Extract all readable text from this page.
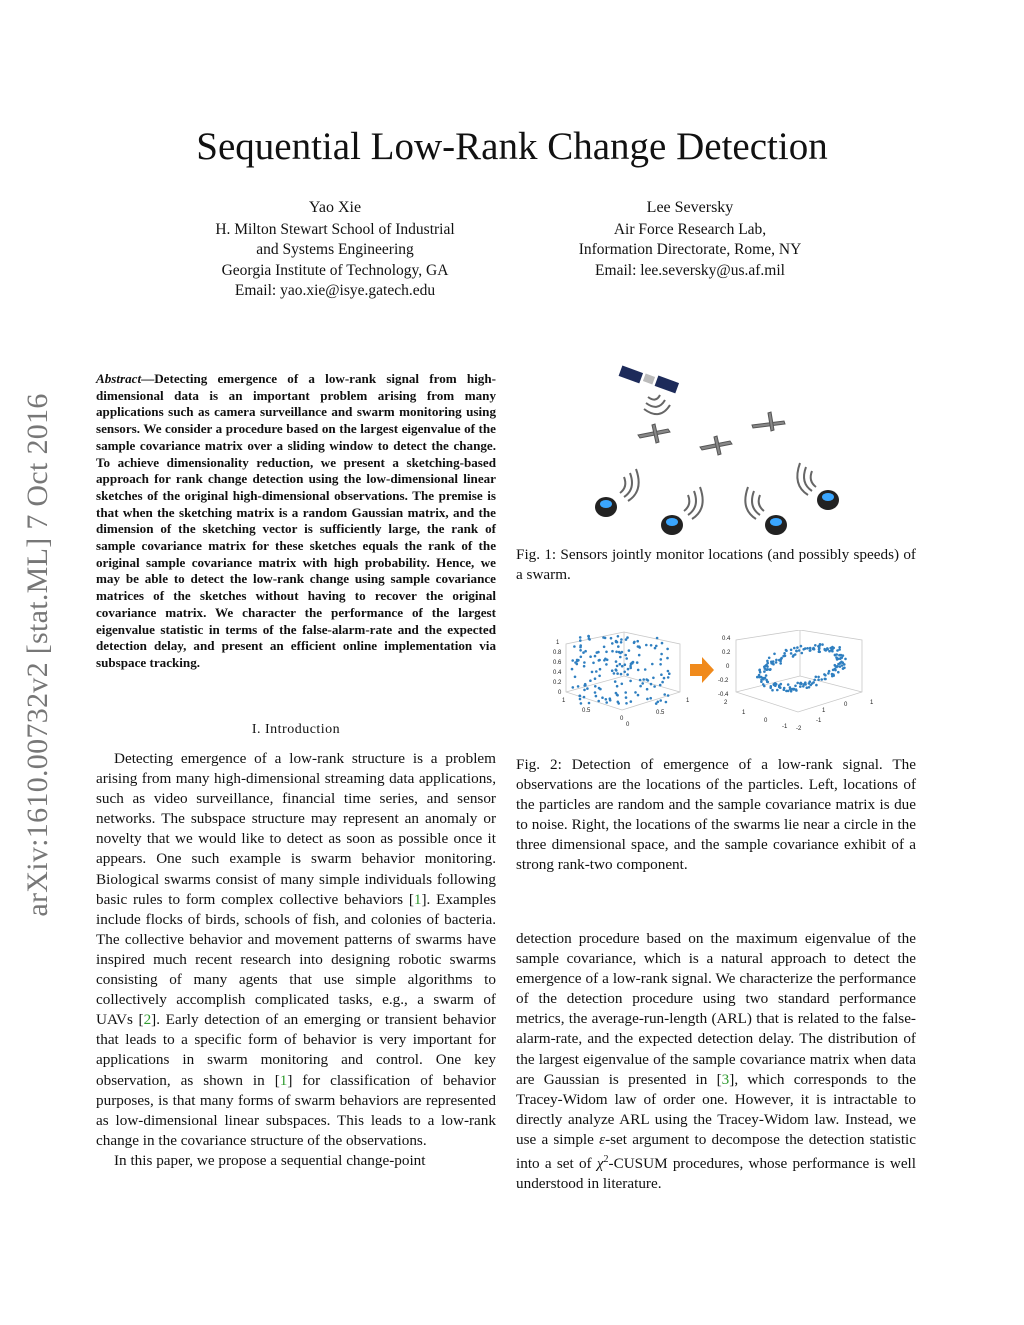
Sequential Low-Rank Change Detection
Yao Xie
H. Milton Stewart School of Industrial
and Systems Engineering
Georgia Institute of Technology, GA
Email: yao.xie@isye.gatech.edu
Lee Seversky
Air Force Research Lab,
Information Directorate, Rome, NY
Email: lee.seversky@us.af.mil
arXiv:1610.00732v2 [stat.ML] 7 Oct 2016
Abstract—Detecting emergence of a low-rank signal from high-dimensional data is an important problem arising from many applications such as camera surveillance and swarm monitoring using sensors. We consider a procedure based on the largest eigenvalue of the sample covariance matrix over a sliding window to detect the change. To achieve dimensionality reduction, we present a sketching-based approach for rank change detection using the low-dimensional linear sketches of the original high-dimensional observations. The premise is that when the sketching matrix is a random Gaussian matrix, and the dimension of the sketching vector is sufficiently large, the rank of sample covariance matrix for these sketches equals the rank of the original sample covariance matrix with high probability. Hence, we may be able to detect the low-rank change using sample covariance matrices of the sketches without having to recover the original covariance matrix. We character the performance of the largest eigenvalue statistic in terms of the false-alarm-rate and the expected detection delay, and present an efficient online implementation via subspace tracking.
I. Introduction

Detecting emergence of a low-rank structure is a problem arising from many high-dimensional streaming data applications, such as video surveillance, financial time series, and sensor networks. The subspace structure may represent an anomaly or novelty that we would like to detect as soon as possible once it appears. One such example is swarm behavior monitoring. Biological swarms consist of many simple individuals following basic rules to form complex collective behaviors [1]. Examples include flocks of birds, schools of fish, and colonies of bacteria. The collective behavior and movement patterns of swarms have inspired much recent research into designing robotic swarms consisting of many agents that use simple algorithms to collectively accomplish complicated tasks, e.g., a swarm of UAVs [2]. Early detection of an emerging or transient behavior that leads to a specific form of behavior is very important for applications in swarm monitoring and control. One key observation, as shown in [1] for classification of behavior purposes, is that many forms of swarm behaviors are represented as low-dimensional linear subspaces. This leads to a low-rank change in the covariance structure of the observations.

In this paper, we propose a sequential change-point

Fig. 1: Sensors jointly monitor locations (and possibly speeds) of a swarm.
1
0.8
0.6
0.4
0.2
0
0.5
1
0
0.5
0
1
0.4
0.2
0
-0.2
-0.4
2
1
0
-1 -2
1
0
-1
1
Fig. 2: Detection of emergence of a low-rank signal. The observations are the locations of the particles. Left, locations of the particles are random and the sample covariance matrix is due to noise. Right, the locations of the swarms lie near a circle in the three dimensional space, and the sample covariance exhibit of a strong rank-two component.

detection procedure based on the maximum eigenvalue of the sample covariance, which is a natural approach to detect the emergence of a low-rank signal. We characterize the performance of the detection procedure using two standard performance metrics, the average-run-length (ARL) that is related to the false-alarm-rate, and the expected detection delay. The distribution of the largest eigenvalue of the sample covariance matrix when data are Gaussian is presented in [3], which corresponds to the Tracey-Widom law of order one. However, it is intractable to directly analyze ARL using the Tracey-Widom law. Instead, we use a simple ε-set argument to decompose the detection statistic into a set of $\chi^2$-CUSUM procedures, whose performance is well understood in literature.
